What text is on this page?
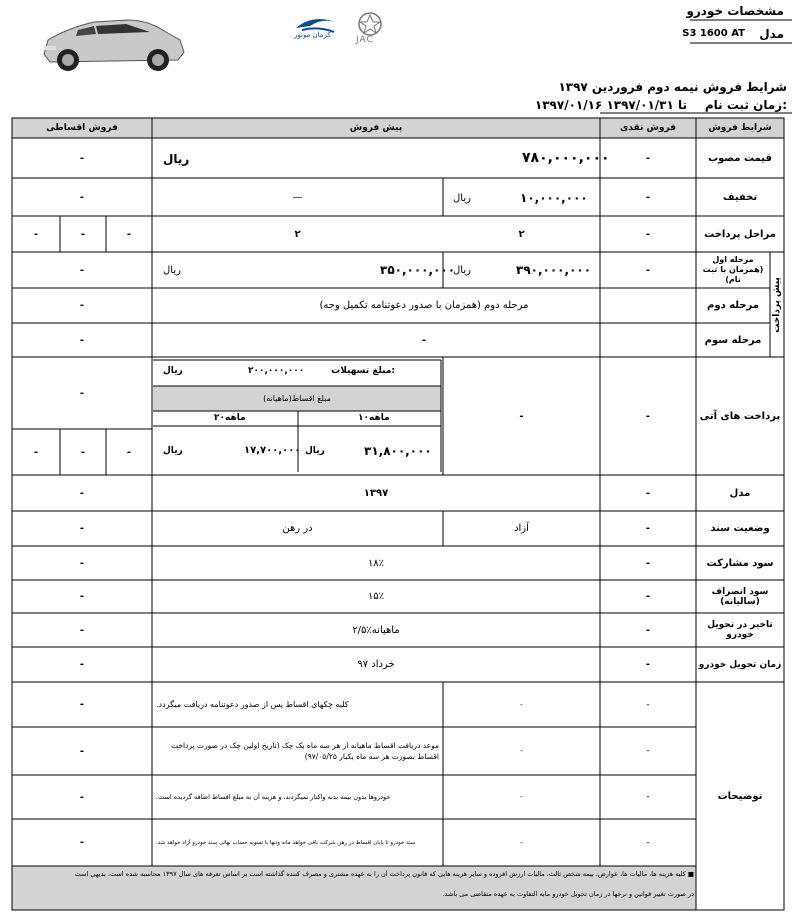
مشخصات خودرو
مدل
S3 1600 AT
کرمان موتور	JAC
شرایط فروش نیمه دوم فروردین ۱۳۹۷
زمان ثبت نام:
۱۳۹۷/۰۱/۱۶ تا ۱۳۹۷/۰۱/۳۱
شرایط فروش
فروش نقدی
پیش فروش
فروش اقساطی
قیمت مصوب
-
۷۸۰,۰۰۰,۰۰۰
ریال
-
تخفیف
-
۱۰,۰۰۰,۰۰۰
ریال
—
-
مراحل پرداخت
-
۲
۲
-
-
-
پیش پرداخت
مرحله اول (همزمان با ثبت نام)
-
۳۹۰,۰۰۰,۰۰۰
ریال
۳۵۰,۰۰۰,۰۰۰
ریال
-
مرحله دوم
مرحله دوم (همزمان با صدور دعوتنامه تکمیل وجه)
-
مرحله سوم
-
-
پرداخت های آتی
-
-
مبلغ تسهیلات:
۲۰۰,۰۰۰,۰۰۰
ریال
مبلغ اقساط(ماهیانه)
۱۰ماهه
۲۰ماهه
۳۱,۸۰۰,۰۰۰
ریال
۱۷,۷۰۰,۰۰۰
ریال
-
-
-
-
مدل
-
۱۳۹۷
-
وضعیت سند
-
آزاد
در رهن
-
سود مشارکت
-
۱۸٪
-
سود انصراف (سالیانه)
-
۱۵٪
-
تاخیر در تحویل خودرو
-
۲/۵٪ماهیانه
-
زمان تحویل خودرو
-
خرداد ۹۷
-
توضیحات
-
-
کلیه چکهای اقساط پس از صدور دعوتنامه دریافت میگردد.
-
-
-
موعد دریافت اقساط ماهیانه از هر سه ماه یک چک (تاریخ اولین چک در صورت پرداخت اقساط بصورت هر سه ماه یکبار ۹۷/۰۵/۲۵)
-
-
-
خودروها بدون بیمه بدنه واکتار نمیگردند، و هزینه آن به مبلغ اقساط اضافه گردیده است.
-
-
-
سند خودرو تا پایان اقساط در رهن شرکت باقی خواهد ماند وتنها با تسویه حساب نهائی سند خودرو آزاد خواهد شد.
-
■ کلیه هزینه ها، مالیات ها، عوارض، بیمه شخص ثالث، مالیات ارزش افزوده و سایر هزینه هایی که قانون پرداخت آن را به عهده مشتری و مصرف کننده گذاشته است بر اساس تعرفه های سال ۱۳۹۷ محاسبه شده است، بدیهی است
در صورت تغییر قوانین و نرخها در زمان تحویل خودرو مابه التفاوت به عهده متقاضی می باشد.
